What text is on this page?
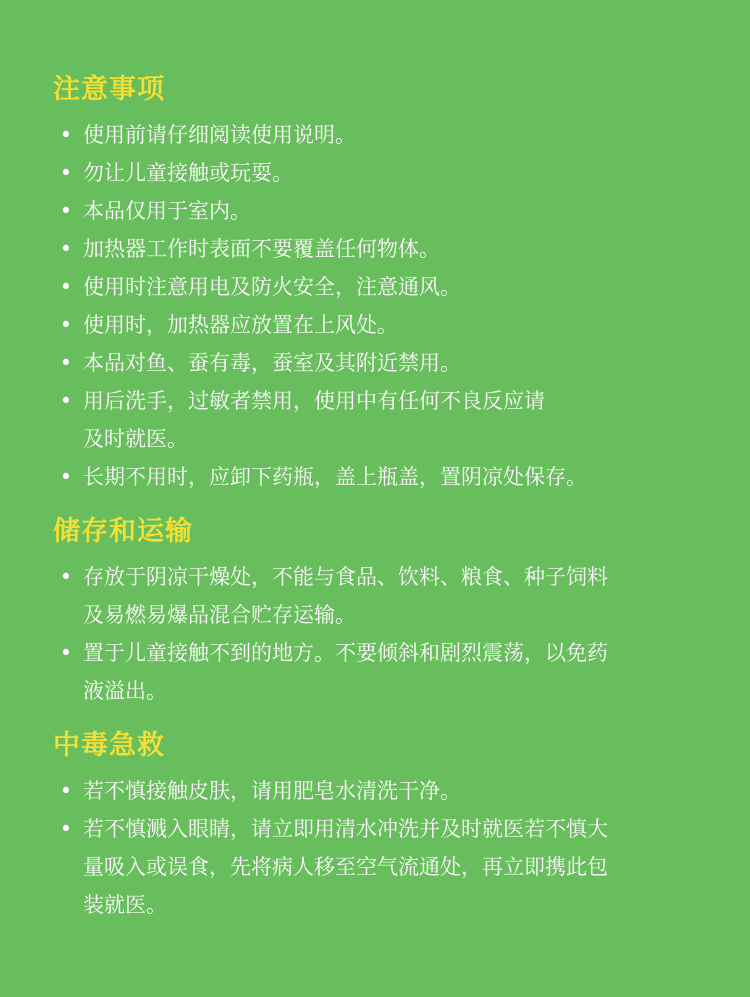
注意事项
• 使用前请仔细阅读使用说明。
• 勿让儿童接触或玩耍。
• 本品仅用于室内。
• 加热器工作时表面不要覆盖任何物体。
• 使用时注意用电及防火安全，注意通风。
• 使用时，加热器应放置在上风处。
• 本品对鱼、蚕有毒，蚕室及其附近禁用。
• 用后洗手，过敏者禁用，使用中有任何不良反应请
及时就医。
• 长期不用时，应卸下药瓶，盖上瓶盖，置阴凉处保存。
储存和运输
• 存放于阴凉干燥处，不能与食品、饮料、粮食、种子饲料
及易燃易爆品混合贮存运输。
• 置于儿童接触不到的地方。不要倾斜和剧烈震荡，以免药
液溢出。
中毒急救
• 若不慎接触皮肤，请用肥皂水清洗干净。
• 若不慎溅入眼睛，请立即用清水冲洗并及时就医若不慎大
量吸入或误食，先将病人移至空气流通处，再立即携此包
装就医。
